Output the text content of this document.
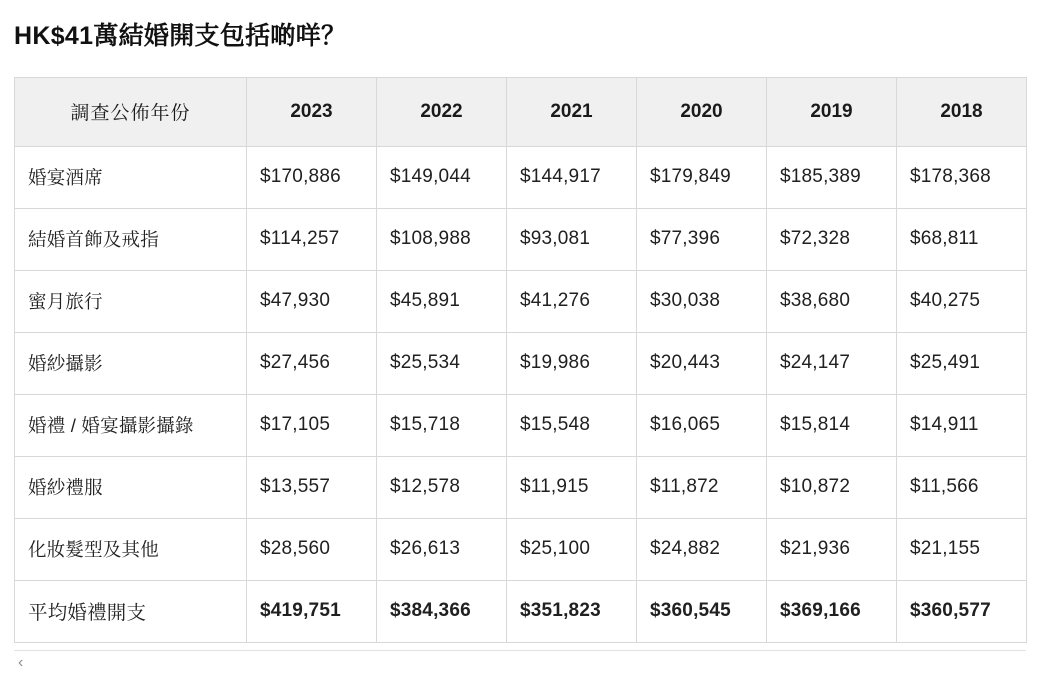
HK$41萬結婚開支包括啲咩？
調查公佈年份	2023	2022	2021	2020	2019	2018
婚宴酒席	$170,886	$149,044	$144,917	$179,849	$185,389	$178,368
結婚首飾及戒指	$114,257	$108,988	$93,081	$77,396	$72,328	$68,811
蜜月旅行	$47,930	$45,891	$41,276	$30,038	$38,680	$40,275
婚紗攝影	$27,456	$25,534	$19,986	$20,443	$24,147	$25,491
婚禮 / 婚宴攝影攝錄	$17,105	$15,718	$15,548	$16,065	$15,814	$14,911
婚紗禮服	$13,557	$12,578	$11,915	$11,872	$10,872	$11,566
化妝髮型及其他	$28,560	$26,613	$25,100	$24,882	$21,936	$21,155
平均婚禮開支	$419,751	$384,366	$351,823	$360,545	$369,166	$360,577
‹
